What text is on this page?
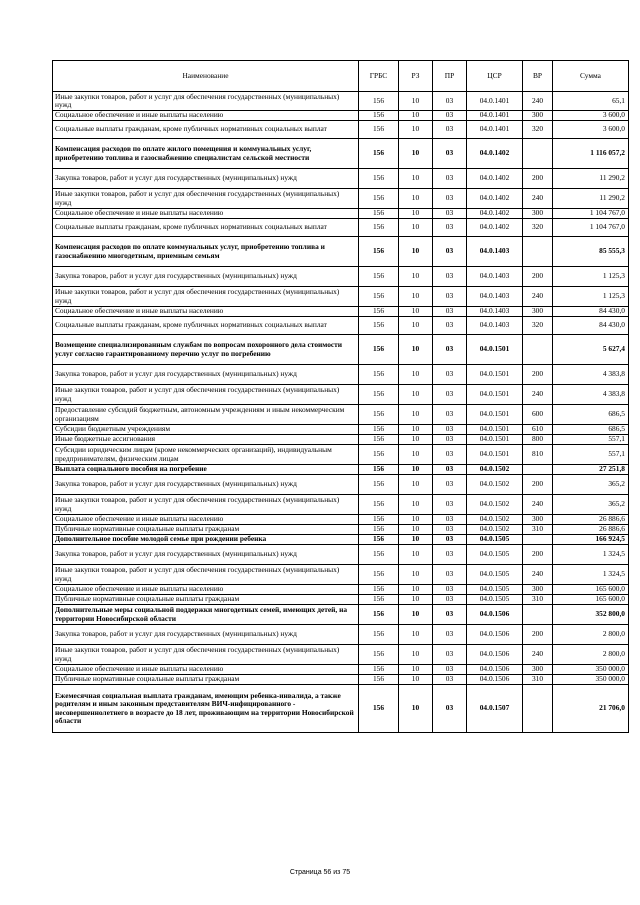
Наименование	ГРБС	РЗ	ПР	ЦСР	ВР	Сумма
Иные закупки товаров, работ и услуг для обеспечения государственных (муниципальных) нужд	156	10	03	04.0.1401	240	65,1
Социальное обеспечение и иные выплаты населению	156	10	03	04.0.1401	300	3 600,0
Социальные выплаты гражданам, кроме публичных нормативных социальных выплат	156	10	03	04.0.1401	320	3 600,0
Компенсация расходов по оплате жилого помещения и коммунальных услуг, приобретению топлива и газоснабжению специалистам сельской местности	156	10	03	04.0.1402		1 116 057,2
Закупка товаров, работ и услуг для государственных (муниципальных) нужд	156	10	03	04.0.1402	200	11 290,2
Иные закупки товаров, работ и услуг для обеспечения государственных (муниципальных) нужд	156	10	03	04.0.1402	240	11 290,2
Социальное обеспечение и иные выплаты населению	156	10	03	04.0.1402	300	1 104 767,0
Социальные выплаты гражданам, кроме публичных нормативных социальных выплат	156	10	03	04.0.1402	320	1 104 767,0
Компенсация расходов по оплате коммунальных услуг, приобретению топлива и газоснабжению многодетным, приемным семьям	156	10	03	04.0.1403		85 555,3
Закупка товаров, работ и услуг для государственных (муниципальных) нужд	156	10	03	04.0.1403	200	1 125,3
Иные закупки товаров, работ и услуг для обеспечения государственных (муниципальных) нужд	156	10	03	04.0.1403	240	1 125,3
Социальное обеспечение и иные выплаты населению	156	10	03	04.0.1403	300	84 430,0
Социальные выплаты гражданам, кроме публичных нормативных социальных выплат	156	10	03	04.0.1403	320	84 430,0
Возмещение специализированным службам по вопросам похоронного дела стоимости услуг согласно гарантированному перечню услуг по погребению	156	10	03	04.0.1501		5 627,4
Закупка товаров, работ и услуг для государственных (муниципальных) нужд	156	10	03	04.0.1501	200	4 383,8
Иные закупки товаров, работ и услуг для обеспечения государственных (муниципальных) нужд	156	10	03	04.0.1501	240	4 383,8
Предоставление субсидий бюджетным, автономным учреждениям и иным некоммерческим организациям	156	10	03	04.0.1501	600	686,5
Субсидии бюджетным учреждениям	156	10	03	04.0.1501	610	686,5
Иные бюджетные ассигнования	156	10	03	04.0.1501	800	557,1
Субсидии юридическим лицам (кроме некоммерческих организаций), индивидуальным предпринимателям, физическим лицам	156	10	03	04.0.1501	810	557,1
Выплата социального пособия на погребение	156	10	03	04.0.1502		27 251,8
Закупка товаров, работ и услуг для государственных (муниципальных) нужд	156	10	03	04.0.1502	200	365,2
Иные закупки товаров, работ и услуг для обеспечения государственных (муниципальных) нужд	156	10	03	04.0.1502	240	365,2
Социальное обеспечение и иные выплаты населению	156	10	03	04.0.1502	300	26 886,6
Публичные нормативные социальные выплаты гражданам	156	10	03	04.0.1502	310	26 886,6
Дополнительное пособие молодой семье при рождении ребенка	156	10	03	04.0.1505		166 924,5
Закупка товаров, работ и услуг для государственных (муниципальных) нужд	156	10	03	04.0.1505	200	1 324,5
Иные закупки товаров, работ и услуг для обеспечения государственных (муниципальных) нужд	156	10	03	04.0.1505	240	1 324,5
Социальное обеспечение и иные выплаты населению	156	10	03	04.0.1505	300	165 600,0
Публичные нормативные социальные выплаты гражданам	156	10	03	04.0.1505	310	165 600,0
Дополнительные меры социальной поддержки многодетных семей, имеющих детей, на территории Новосибирской области	156	10	03	04.0.1506		352 800,0
Закупка товаров, работ и услуг для государственных (муниципальных) нужд	156	10	03	04.0.1506	200	2 800,0
Иные закупки товаров, работ и услуг для обеспечения государственных (муниципальных) нужд	156	10	03	04.0.1506	240	2 800,0
Социальное обеспечение и иные выплаты населению	156	10	03	04.0.1506	300	350 000,0
Публичные нормативные социальные выплаты гражданам	156	10	03	04.0.1506	310	350 000,0
Ежемесячная социальная выплата гражданам, имеющим ребенка-инвалида, а также родителям и иным законным представителям ВИЧ-инфицированного - несовершеннолетнего в возрасте до 18 лет, проживающим на территории Новосибирской области	156	10	03	04.0.1507		21 706,0
Страница 56 из 75
